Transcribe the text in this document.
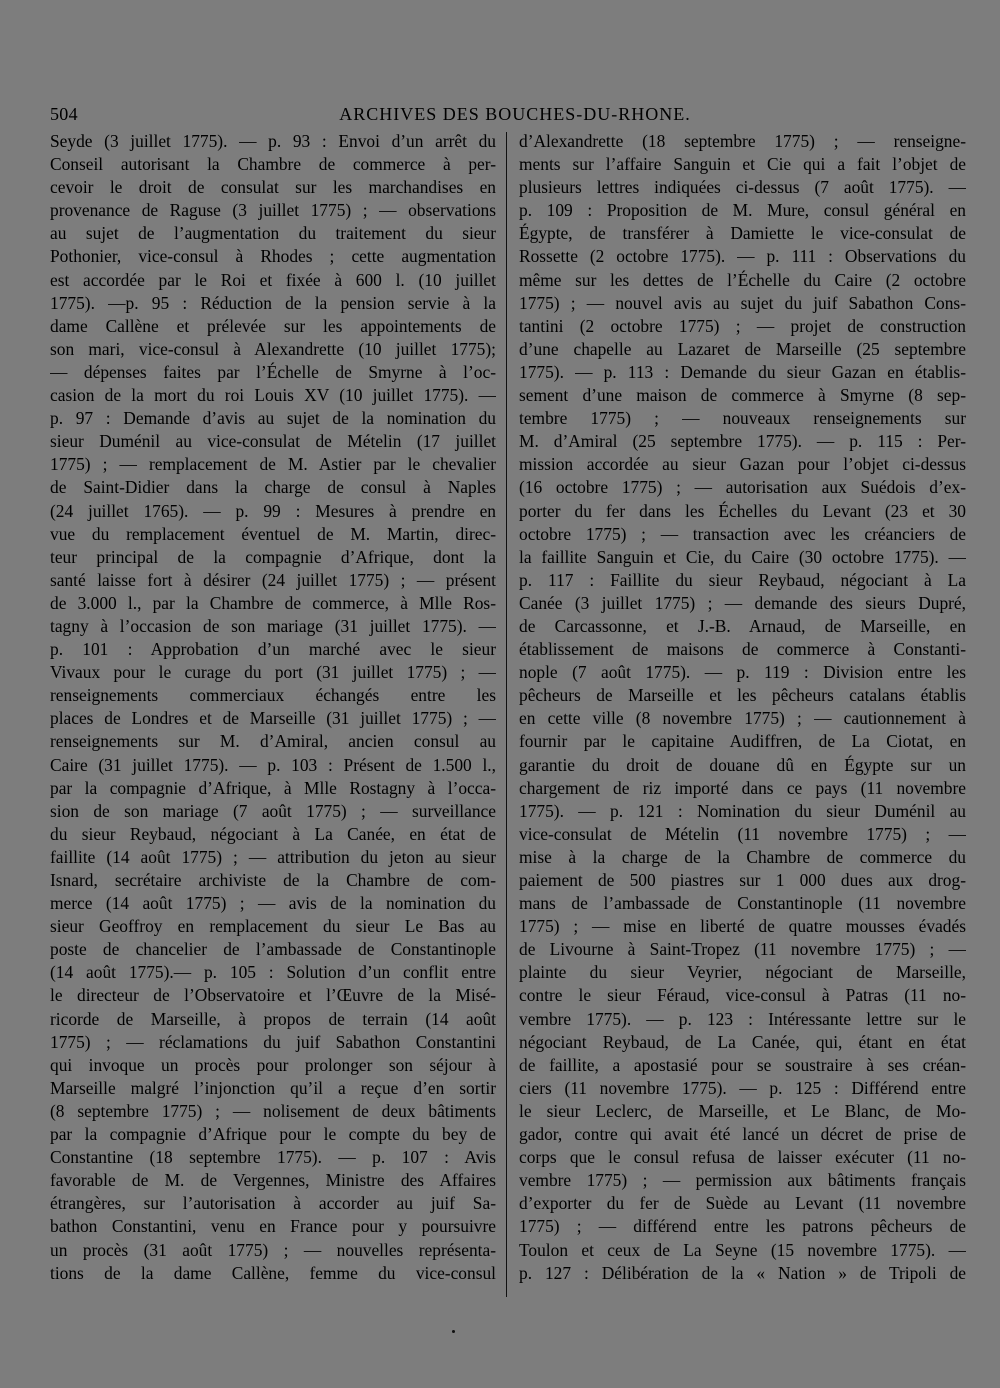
504	ARCHIVES DES BOUCHES-DU-RHONE.
Seyde (3 juillet 1775). — p. 93 : Envoi d’un arrêt du
Conseil autorisant la Chambre de commerce à per-
cevoir le droit de consulat sur les marchandises en
provenance de Raguse (3 juillet 1775) ; — observations
au sujet de l’augmentation du traitement du sieur
Pothonier, vice-consul à Rhodes ; cette augmentation
est accordée par le Roi et fixée à 600 l. (10 juillet
1775). —p. 95 : Réduction de la pension servie à la
dame Callène et prélevée sur les appointements de
son mari, vice-consul à Alexandrette (10 juillet 1775);
— dépenses faites par l’Échelle de Smyrne à l’oc-
casion de la mort du roi Louis XV (10 juillet 1775). —
p. 97 : Demande d’avis au sujet de la nomination du
sieur Duménil au vice-consulat de Mételin (17 juillet
1775) ; — remplacement de M. Astier par le chevalier
de Saint-Didier dans la charge de consul à Naples
(24 juillet 1765). — p. 99 : Mesures à prendre en
vue du remplacement éventuel de M. Martin, direc-
teur principal de la compagnie d’Afrique, dont la
santé laisse fort à désirer (24 juillet 1775) ; — présent
de 3.000 l., par la Chambre de commerce, à Mlle Ros-
tagny à l’occasion de son mariage (31 juillet 1775). —
p. 101 : Approbation d’un marché avec le sieur
Vivaux pour le curage du port (31 juillet 1775) ; —
renseignements commerciaux échangés entre les
places de Londres et de Marseille (31 juillet 1775) ; —
renseignements sur M. d’Amiral, ancien consul au
Caire (31 juillet 1775). — p. 103 : Présent de 1.500 l.,
par la compagnie d’Afrique, à Mlle Rostagny à l’occa-
sion de son mariage (7 août 1775) ; — surveillance
du sieur Reybaud, négociant à La Canée, en état de
faillite (14 août 1775) ; — attribution du jeton au sieur
Isnard, secrétaire archiviste de la Chambre de com-
merce (14 août 1775) ; — avis de la nomination du
sieur Geoffroy en remplacement du sieur Le Bas au
poste de chancelier de l’ambassade de Constantinople
(14 août 1775).— p. 105 : Solution d’un conflit entre
le directeur de l’Observatoire et l’Œuvre de la Misé-
ricorde de Marseille, à propos de terrain (14 août
1775) ; — réclamations du juif Sabathon Constantini
qui invoque un procès pour prolonger son séjour à
Marseille malgré l’injonction qu’il a reçue d’en sortir
(8 septembre 1775) ; — nolisement de deux bâtiments
par la compagnie d’Afrique pour le compte du bey de
Constantine (18 septembre 1775). — p. 107 : Avis
favorable de M. de Vergennes, Ministre des Affaires
étrangères, sur l’autorisation à accorder au juif Sa-
bathon Constantini, venu en France pour y poursuivre
un procès (31 août 1775) ; — nouvelles représenta-
tions de la dame Callène, femme du vice-consul
d’Alexandrette (18 septembre 1775) ; — renseigne-
ments sur l’affaire Sanguin et Cie qui a fait l’objet de
plusieurs lettres indiquées ci-dessus (7 août 1775). —
p. 109 : Proposition de M. Mure, consul général en
Égypte, de transférer à Damiette le vice-consulat de
Rossette (2 octobre 1775). — p. 111 : Observations du
même sur les dettes de l’Échelle du Caire (2 octobre
1775) ; — nouvel avis au sujet du juif Sabathon Cons-
tantini (2 octobre 1775) ; — projet de construction
d’une chapelle au Lazaret de Marseille (25 septembre
1775). — p. 113 : Demande du sieur Gazan en établis-
sement d’une maison de commerce à Smyrne (8 sep-
tembre 1775) ; — nouveaux renseignements sur
M. d’Amiral (25 septembre 1775). — p. 115 : Per-
mission accordée au sieur Gazan pour l’objet ci-dessus
(16 octobre 1775) ; — autorisation aux Suédois d’ex-
porter du fer dans les Échelles du Levant (23 et 30
octobre 1775) ; — transaction avec les créanciers de
la faillite Sanguin et Cie, du Caire (30 octobre 1775). —
p. 117 : Faillite du sieur Reybaud, négociant à La
Canée (3 juillet 1775) ; — demande des sieurs Dupré,
de Carcassonne, et J.-B. Arnaud, de Marseille, en
établissement de maisons de commerce à Constanti-
nople (7 août 1775). — p. 119 : Division entre les
pêcheurs de Marseille et les pêcheurs catalans établis
en cette ville (8 novembre 1775) ; — cautionnement à
fournir par le capitaine Audiffren, de La Ciotat, en
garantie du droit de douane dû en Égypte sur un
chargement de riz importé dans ce pays (11 novembre
1775). — p. 121 : Nomination du sieur Duménil au
vice-consulat de Mételin (11 novembre 1775) ; —
mise à la charge de la Chambre de commerce du
paiement de 500 piastres sur 1 000 dues aux drog-
mans de l’ambassade de Constantinople (11 novembre
1775) ; — mise en liberté de quatre mousses évadés
de Livourne à Saint-Tropez (11 novembre 1775) ; —
plainte du sieur Veyrier, négociant de Marseille,
contre le sieur Féraud, vice-consul à Patras (11 no-
vembre 1775). — p. 123 : Intéressante lettre sur le
négociant Reybaud, de La Canée, qui, étant en état
de faillite, a apostasié pour se soustraire à ses créan-
ciers (11 novembre 1775). — p. 125 : Différend entre
le sieur Leclerc, de Marseille, et Le Blanc, de Mo-
gador, contre qui avait été lancé un décret de prise de
corps que le consul refusa de laisser exécuter (11 no-
vembre 1775) ; — permission aux bâtiments français
d’exporter du fer de Suède au Levant (11 novembre
1775) ; — différend entre les patrons pêcheurs de
Toulon et ceux de La Seyne (15 novembre 1775). —
p. 127 : Délibération de la « Nation » de Tripoli de
